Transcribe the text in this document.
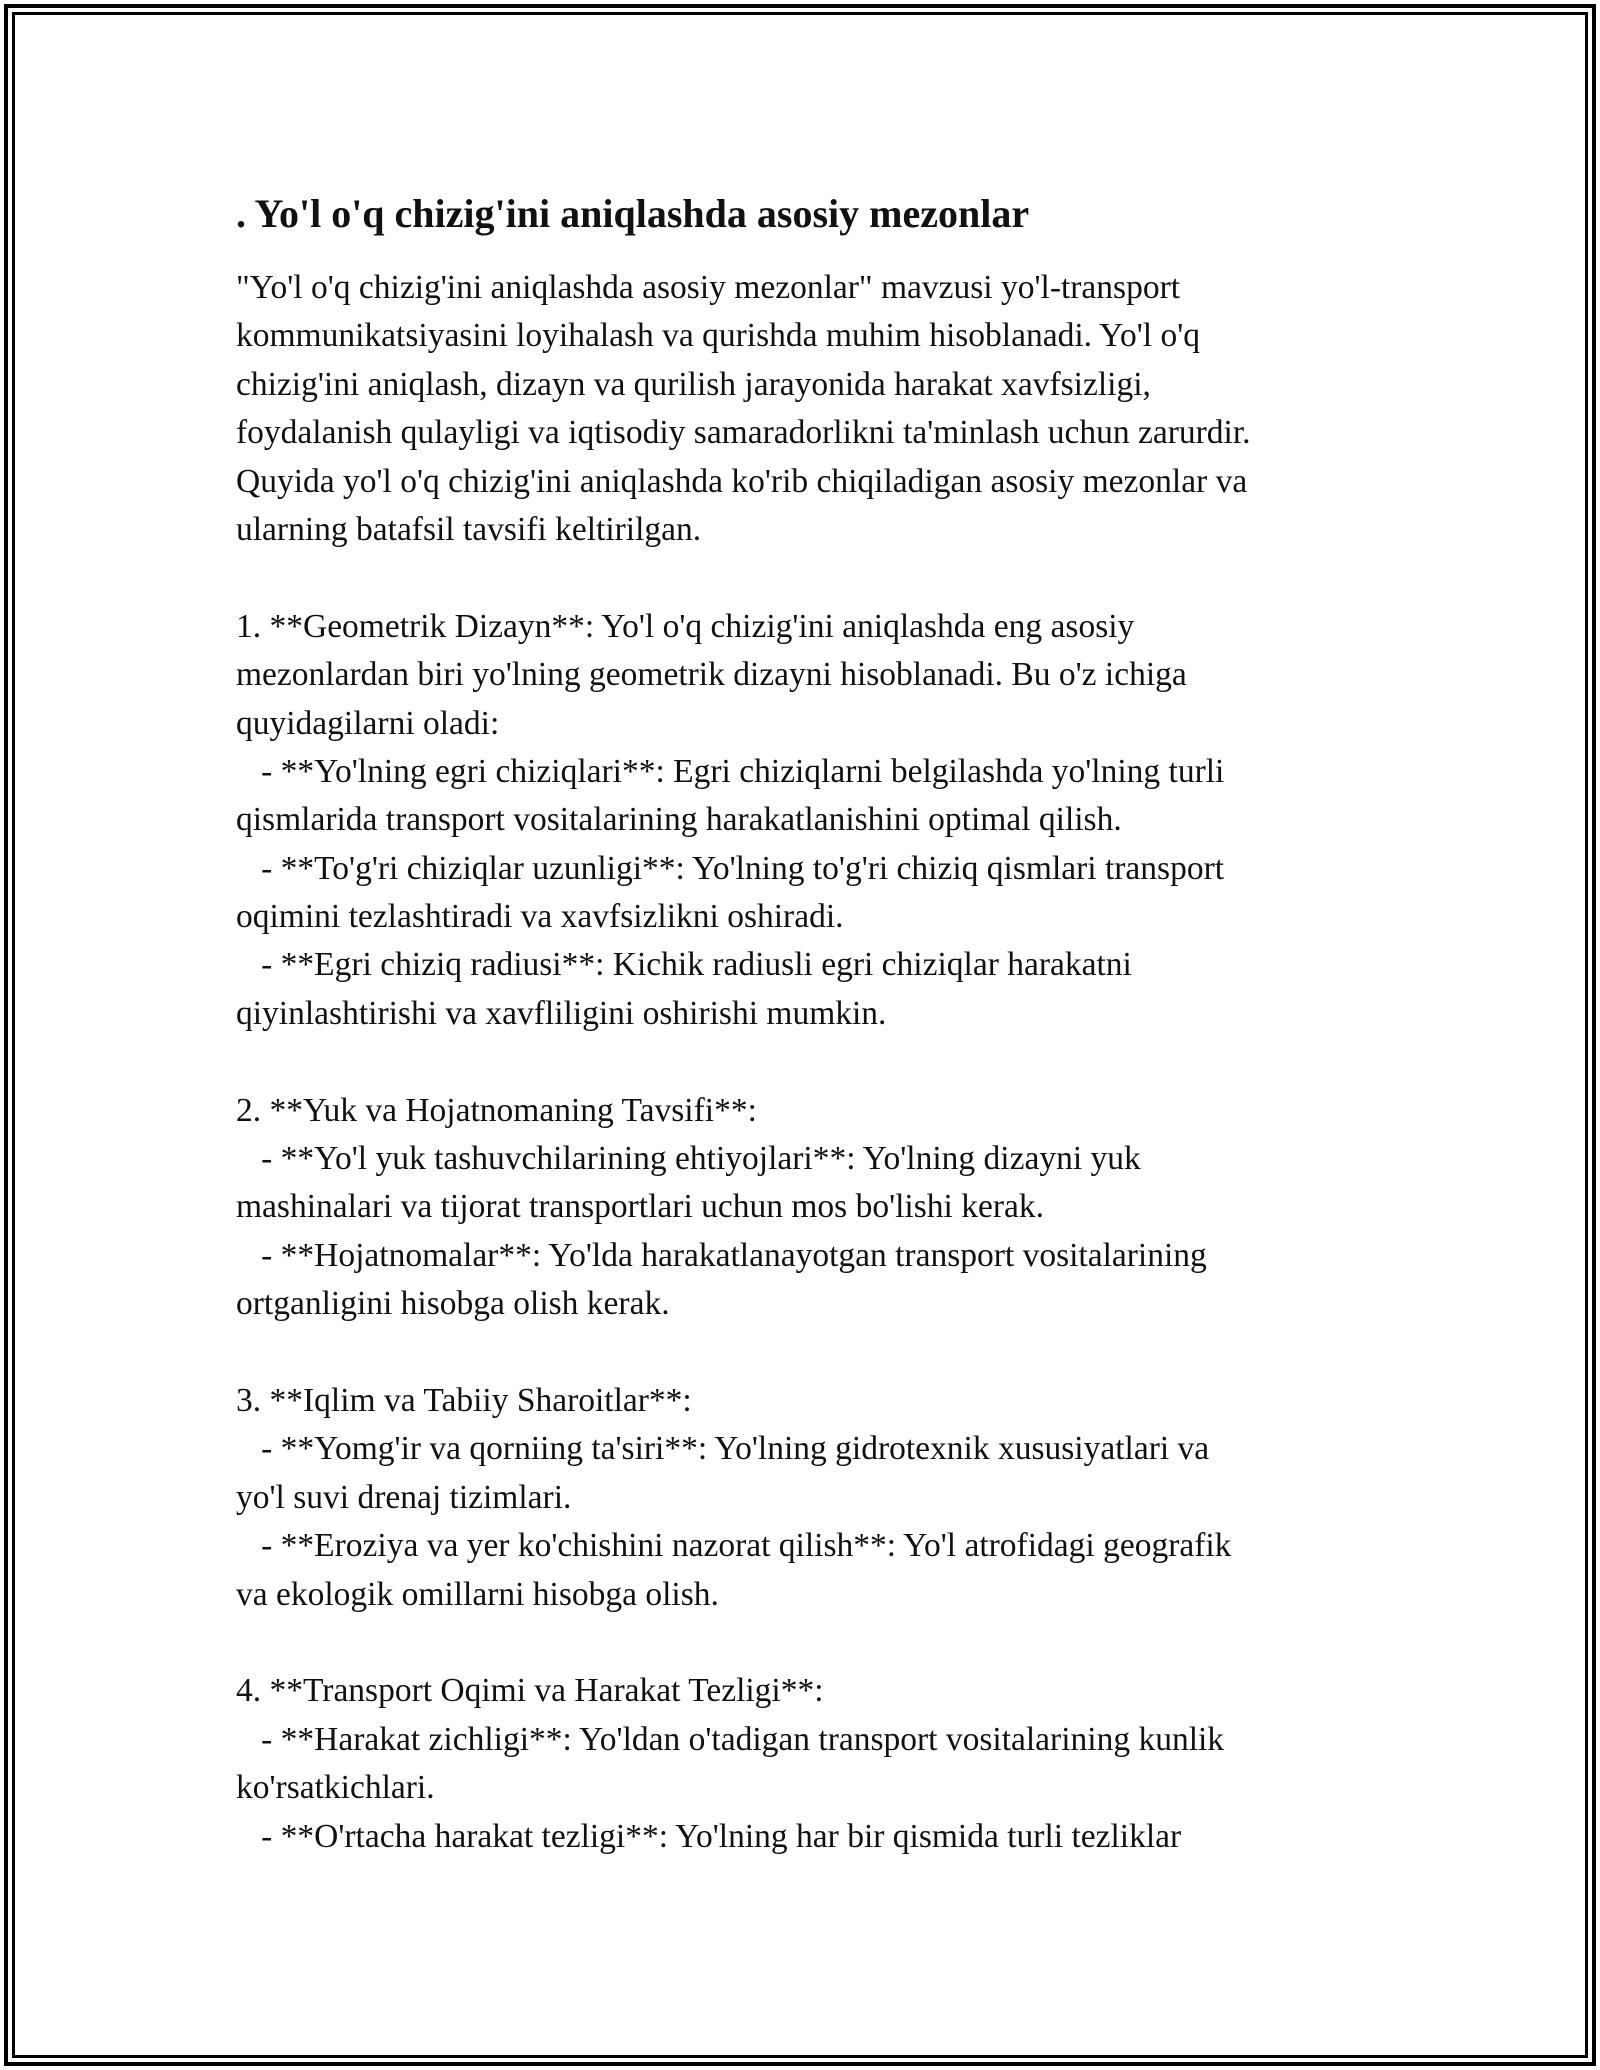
. Yo'l o'q chizig'ini aniqlashda asosiy mezonlar
"Yo'l o'q chizig'ini aniqlashda asosiy mezonlar" mavzusi yo'l-transport
kommunikatsiyasini loyihalash va qurishda muhim hisoblanadi. Yo'l o'q
chizig'ini aniqlash, dizayn va qurilish jarayonida harakat xavfsizligi,
foydalanish qulayligi va iqtisodiy samaradorlikni ta'minlash uchun zarurdir.
Quyida yo'l o'q chizig'ini aniqlashda ko'rib chiqiladigan asosiy mezonlar va
ularning batafsil tavsifi keltirilgan.
1. **Geometrik Dizayn**: Yo'l o'q chizig'ini aniqlashda eng asosiy
mezonlardan biri yo'lning geometrik dizayni hisoblanadi. Bu o'z ichiga
quyidagilarni oladi:
- **Yo'lning egri chiziqlari**: Egri chiziqlarni belgilashda yo'lning turli
qismlarida transport vositalarining harakatlanishini optimal qilish.
- **To'g'ri chiziqlar uzunligi**: Yo'lning to'g'ri chiziq qismlari transport
oqimini tezlashtiradi va xavfsizlikni oshiradi.
- **Egri chiziq radiusi**: Kichik radiusli egri chiziqlar harakatni
qiyinlashtirishi va xavfliligini oshirishi mumkin.
2. **Yuk va Hojatnomaning Tavsifi**:
- **Yo'l yuk tashuvchilarining ehtiyojlari**: Yo'lning dizayni yuk
mashinalari va tijorat transportlari uchun mos bo'lishi kerak.
- **Hojatnomalar**: Yo'lda harakatlanayotgan transport vositalarining
ortganligini hisobga olish kerak.
3. **Iqlim va Tabiiy Sharoitlar**:
- **Yomg'ir va qorniing ta'siri**: Yo'lning gidrotexnik xususiyatlari va
yo'l suvi drenaj tizimlari.
- **Eroziya va yer ko'chishini nazorat qilish**: Yo'l atrofidagi geografik
va ekologik omillarni hisobga olish.
4. **Transport Oqimi va Harakat Tezligi**:
- **Harakat zichligi**: Yo'ldan o'tadigan transport vositalarining kunlik
ko'rsatkichlari.
- **O'rtacha harakat tezligi**: Yo'lning har bir qismida turli tezliklar
